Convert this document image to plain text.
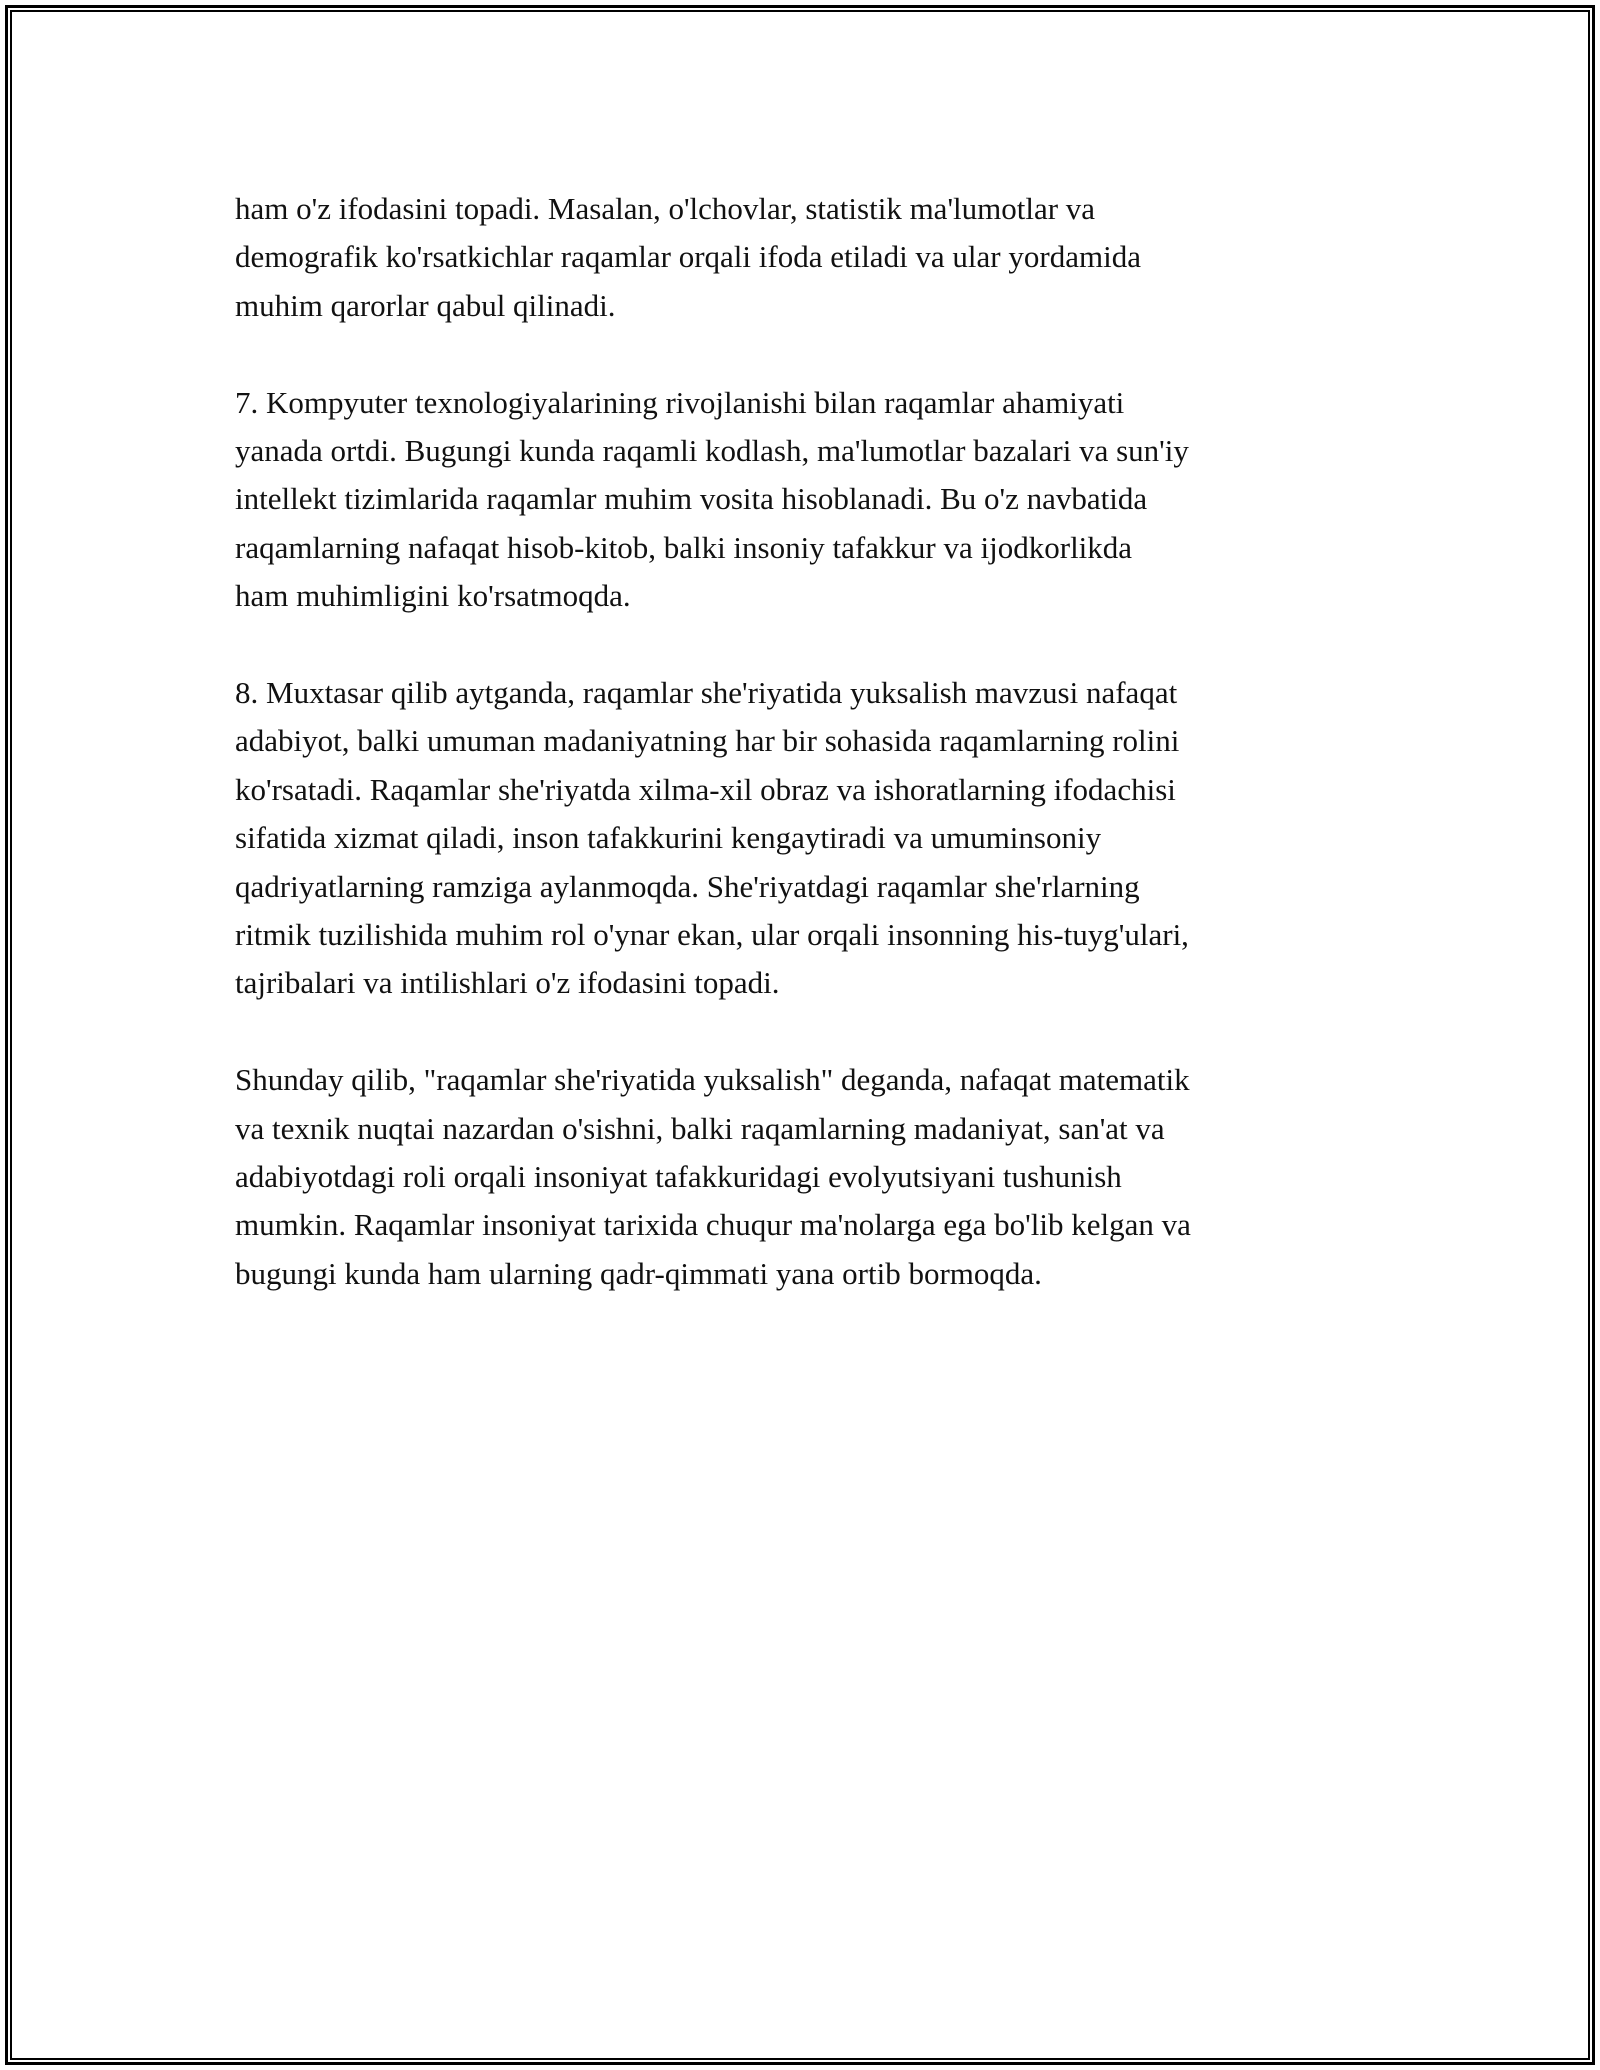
ham o'z ifodasini topadi. Masalan, o'lchovlar, statistik ma'lumotlar va
demografik ko'rsatkichlar raqamlar orqali ifoda etiladi va ular yordamida
muhim qarorlar qabul qilinadi.

7. Kompyuter texnologiyalarining rivojlanishi bilan raqamlar ahamiyati
yanada ortdi. Bugungi kunda raqamli kodlash, ma'lumotlar bazalari va sun'iy
intellekt tizimlarida raqamlar muhim vosita hisoblanadi. Bu o'z navbatida
raqamlarning nafaqat hisob-kitob, balki insoniy tafakkur va ijodkorlikda
ham muhimligini ko'rsatmoqda.

8. Muxtasar qilib aytganda, raqamlar she'riyatida yuksalish mavzusi nafaqat
adabiyot, balki umuman madaniyatning har bir sohasida raqamlarning rolini
ko'rsatadi. Raqamlar she'riyatda xilma-xil obraz va ishoratlarning ifodachisi
sifatida xizmat qiladi, inson tafakkurini kengaytiradi va umuminsoniy
qadriyatlarning ramziga aylanmoqda. She'riyatdagi raqamlar she'rlarning
ritmik tuzilishida muhim rol o'ynar ekan, ular orqali insonning his-tuyg'ulari,
tajribalari va intilishlari o'z ifodasini topadi.

Shunday qilib, "raqamlar she'riyatida yuksalish" deganda, nafaqat matematik
va texnik nuqtai nazardan o'sishni, balki raqamlarning madaniyat, san'at va
adabiyotdagi roli orqali insoniyat tafakkuridagi evolyutsiyani tushunish
mumkin. Raqamlar insoniyat tarixida chuqur ma'nolarga ega bo'lib kelgan va
bugungi kunda ham ularning qadr-qimmati yana ortib bormoqda.
